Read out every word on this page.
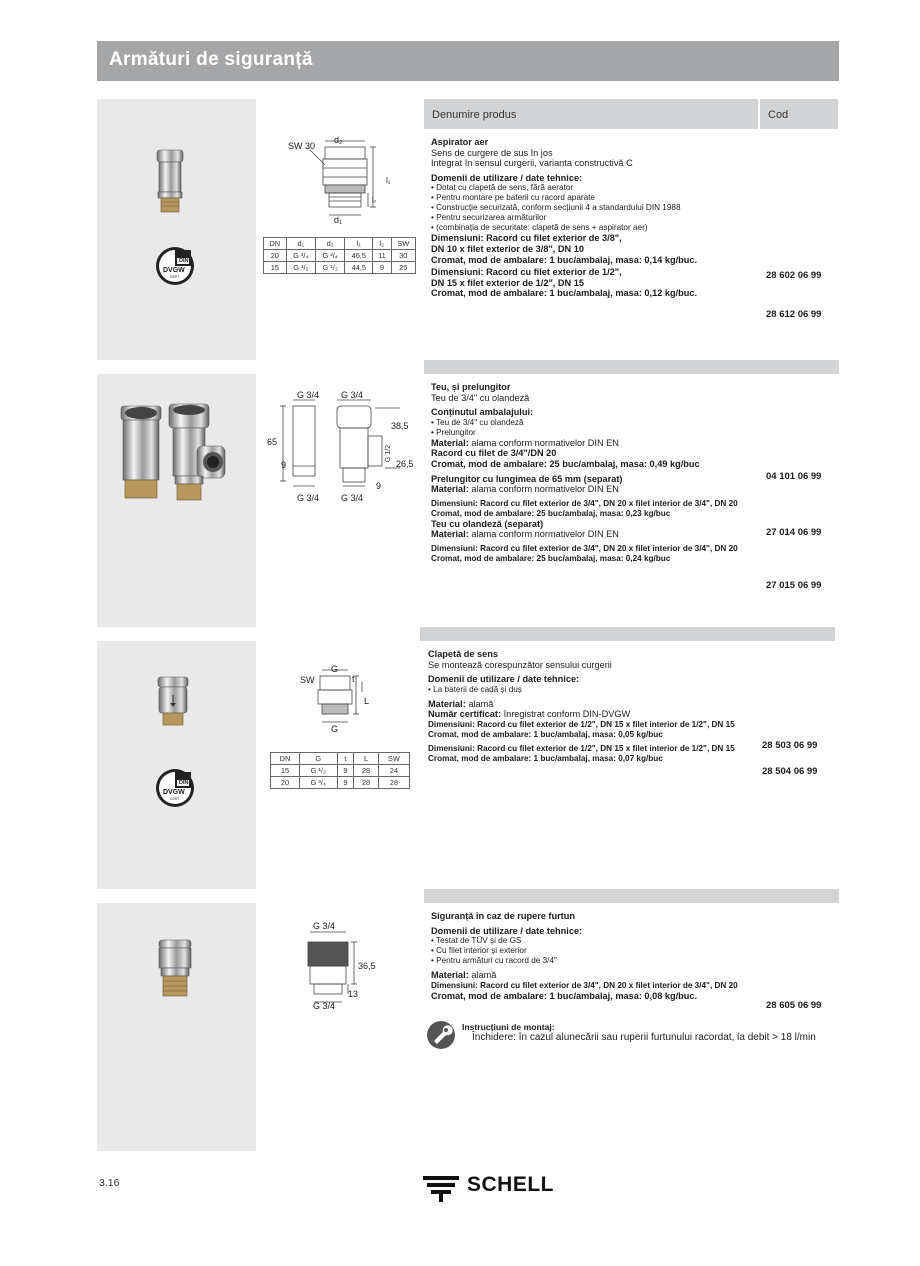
Armături de siguranță
Denumire produs	Cod
DIN
DVGW
CERT
SW 30
d₂
d₁
l₁
l₂
DN	d₁	d₂	l₁	l₂	SW
20	G ³/₄	G ³/₄	46,5	11	30
15	G ¹/₂	G ¹/₂	44,5	9	25
Aspirator aer
Sens de curgere de sus în jos
Integrat în sensul curgerii, varianta constructivă C
Domenii de utilizare / date tehnice:
• Dotat cu clapetă de sens, fără aerator
• Pentru montare pe baterii cu racord aparate
• Construcție securizată, conform secțiunii 4 a standardului DIN 1988
• Pentru securizarea armăturilor
• (combinația de securitate: clapetă de sens + aspirator aer)
Dimensiuni: Racord cu filet exterior de 3/8",
DN 10 x filet exterior de 3/8", DN 10
Cromat, mod de ambalare: 1 buc/ambalaj, masa: 0,14 kg/buc.
Dimensiuni: Racord cu filet exterior de 1/2",
DN 15 x filet exterior de 1/2", DN 15
Cromat, mod de ambalare: 1 buc/ambalaj, masa: 0,12 kg/buc.
28 602 06 99
28 612 06 99
G 3/4 G 3/4
65
9
38,5
G 1/2
26,5
9
G 3/4 G 3/4
Teu, și prelungitor
Teu de 3/4" cu olandeză
Conținutul ambalajului:
• Teu de 3/4" cu olandeză
• Prelungitor
Material: alama conform normativelor DIN EN
Racord cu filet de 3/4"/DN 20
Cromat, mod de ambalare: 25 buc/ambalaj, masa: 0,49 kg/buc
Prelungitor cu lungimea de 65 mm (separat)
Material: alama conform normativelor DIN EN
Dimensiuni: Racord cu filet exterior de 3/4", DN 20 x filet interior de 3/4", DN 20
Cromat, mod de ambalare: 25 buc/ambalaj, masa: 0,23 kg/buc
Teu cu olandeză (separat)
Material: alama conform normativelor DIN EN
Dimensiuni: Racord cu filet exterior de 3/4", DN 20 x filet interior de 3/4", DN 20
Cromat, mod de ambalare: 25 buc/ambalaj, masa: 0,24 kg/buc
04 101 06 99
27 014 06 99
27 015 06 99
DIN
DVGW
CERT
SW
G
t
L
G
DN	G	t	L	SW
15	G ¹/₂	9	28	24
20	G ³/₄	9	28	28
Clapetă de sens
Se montează corespunzător sensului curgerii
Domenii de utilizare / date tehnice:
• La baterii de cadă și duș
Material: alamă
Număr certificat: înregistrat conform DIN-DVGW
Dimensiuni: Racord cu filet exterior de 1/2", DN 15 x filet interior de 1/2", DN 15
Cromat, mod de ambalare: 1 buc/ambalaj, masa: 0,05 kg/buc
Dimensiuni: Racord cu filet exterior de 1/2", DN 15 x filet interior de 1/2", DN 15
Cromat, mod de ambalare: 1 buc/ambalaj, masa: 0,07 kg/buc
28 503 06 99
28 504 06 99
G 3/4
36,5
13
G 3/4
Siguranță în caz de rupere furtun
Domenii de utilizare / date tehnice:
• Testat de TÜV și de GS
• Cu filet interior și exterior
• Pentru armături cu racord de 3/4"
Material: alamă
Dimensiuni: Racord cu filet exterior de 3/4", DN 20 x filet interior de 3/4", DN 20
Cromat, mod de ambalare: 1 buc/ambalaj, masa: 0,08 kg/buc.
28 605 06 99
Instrucțiuni de montaj:
Închidere: în cazul alunecării sau ruperii furtunului racordat, la debit > 18 l/min
3.16	SCHELL
